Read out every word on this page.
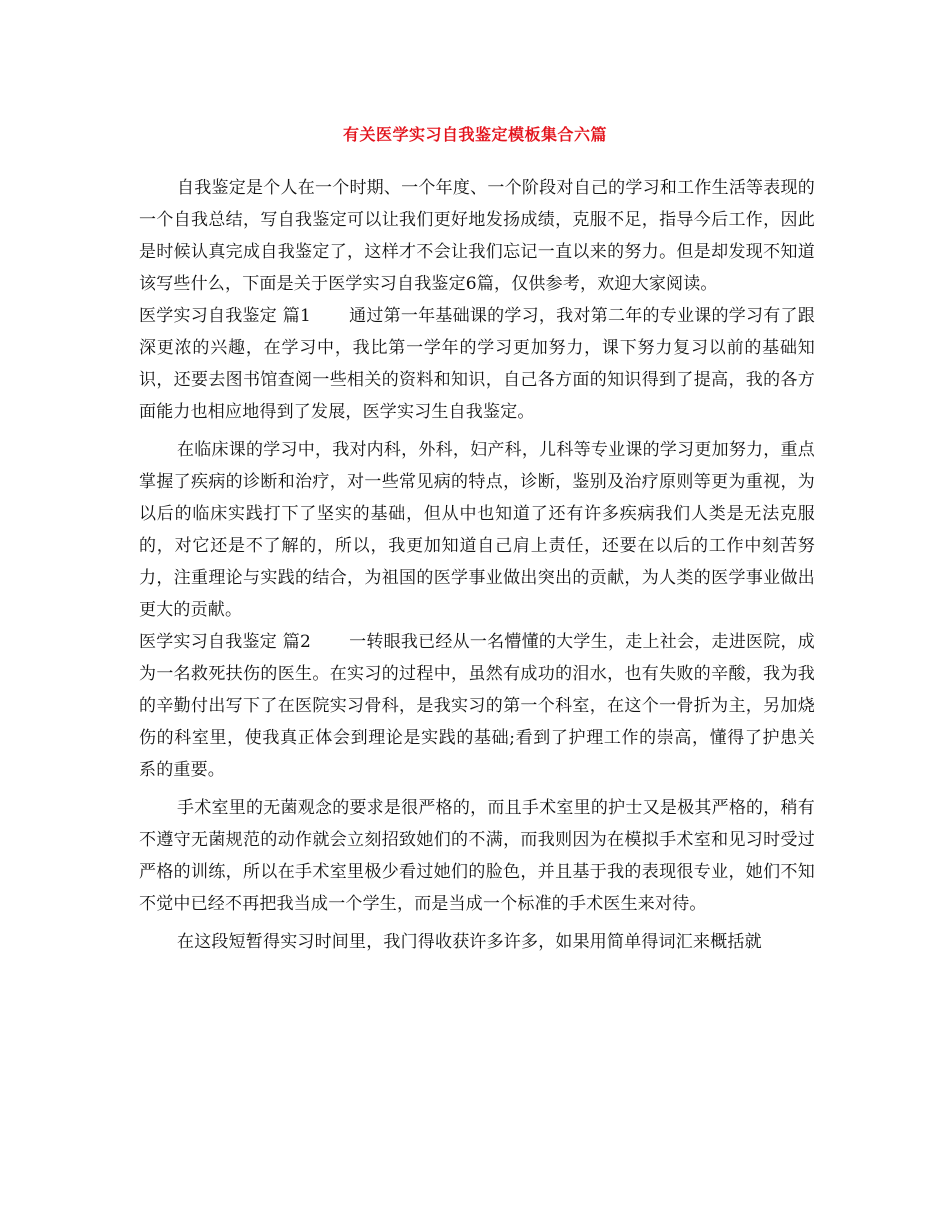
有关医学实习自我鉴定模板集合六篇

自我鉴定是个人在一个时期、一个年度、一个阶段对自己的学习和工作生活等表现的一个自我总结，写自我鉴定可以让我们更好地发扬成绩，克服不足，指导今后工作，因此是时候认真完成自我鉴定了，这样才不会让我们忘记一直以来的努力。但是却发现不知道该写些什么，下面是关于医学实习自我鉴定6篇，仅供参考，欢迎大家阅读。

医学实习自我鉴定 篇1 通过第一年基础课的学习，我对第二年的专业课的学习有了跟深更浓的兴趣，在学习中，我比第一学年的学习更加努力，课下努力复习以前的基础知识，还要去图书馆查阅一些相关的资料和知识，自己各方面的知识得到了提高，我的各方面能力也相应地得到了发展，医学实习生自我鉴定。

在临床课的学习中，我对内科，外科，妇产科，儿科等专业课的学习更加努力，重点掌握了疾病的诊断和治疗，对一些常见病的特点，诊断，鉴别及治疗原则等更为重视，为以后的临床实践打下了坚实的基础，但从中也知道了还有许多疾病我们人类是无法克服的，对它还是不了解的，所以，我更加知道自己肩上责任，还要在以后的工作中刻苦努力，注重理论与实践的结合，为祖国的医学事业做出突出的贡献，为人类的医学事业做出更大的贡献。

医学实习自我鉴定 篇2 一转眼我已经从一名懵懂的大学生，走上社会，走进医院，成为一名救死扶伤的医生。在实习的过程中，虽然有成功的泪水，也有失败的辛酸，我为我的辛勤付出写下了在医院实习骨科，是我实习的第一个科室，在这个一骨折为主，另加烧伤的科室里，使我真正体会到理论是实践的基础;看到了护理工作的崇高，懂得了护患关系的重要。

手术室里的无菌观念的要求是很严格的，而且手术室里的护士又是极其严格的，稍有不遵守无菌规范的动作就会立刻招致她们的不满，而我则因为在模拟手术室和见习时受过严格的训练，所以在手术室里极少看过她们的脸色，并且基于我的表现很专业，她们不知不觉中已经不再把我当成一个学生，而是当成一个标准的手术医生来对待。

在这段短暂得实习时间里，我门得收获许多许多，如果用简单得词汇来概括就
